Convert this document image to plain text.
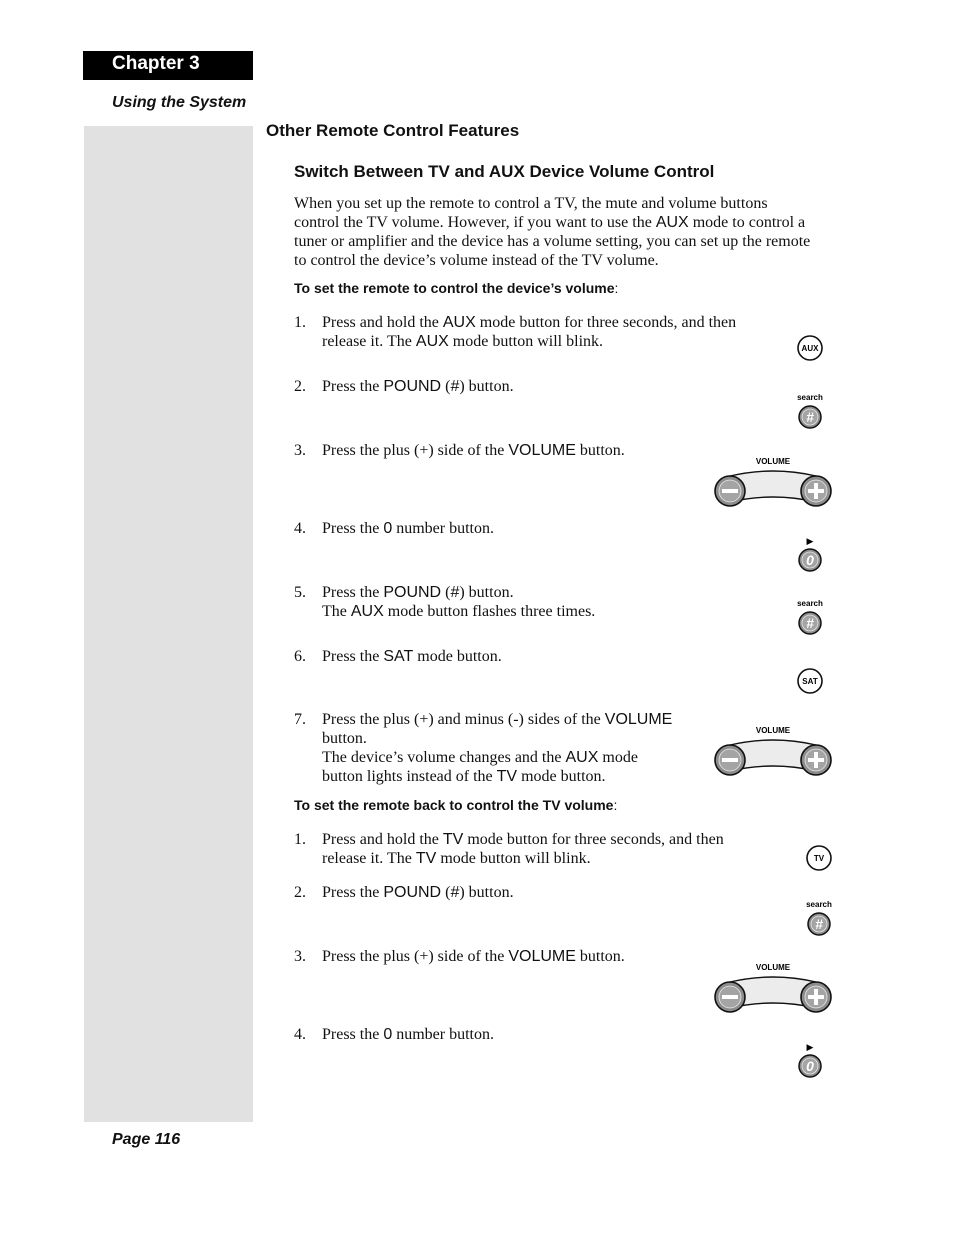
Chapter 3
Using the System
Page 116
Other Remote Control Features
Switch Between TV and AUX Device Volume Control
When you set up the remote to control a TV, the mute and volume buttons
control the TV volume. However, if you want to use the AUX mode to control a
tuner or amplifier and the device has a volume setting, you can set up the remote
to control the device’s volume instead of the TV volume.
To set the remote to control the device’s volume:
1. Press and hold the AUX mode button for three seconds, and then
release it. The AUX mode button will blink.
2. Press the POUND (#) button.
3. Press the plus (+) side of the VOLUME button.
4. Press the 0 number button.
5. Press the POUND (#) button.
The AUX mode button flashes three times.
6. Press the SAT mode button.
7. Press the plus (+) and minus (-) sides of the VOLUME
button.
The device’s volume changes and the AUX mode
button lights instead of the TV mode button.
To set the remote back to control the TV volume:
1. Press and hold the TV mode button for three seconds, and then
release it. The TV mode button will blink.
2. Press the POUND (#) button.
3. Press the plus (+) side of the VOLUME button.
4. Press the 0 number button.
AUX
SAT
TV
search
#
search
#
search
#
▶
0
▶
0
VOLUME
VOLUME
VOLUME
